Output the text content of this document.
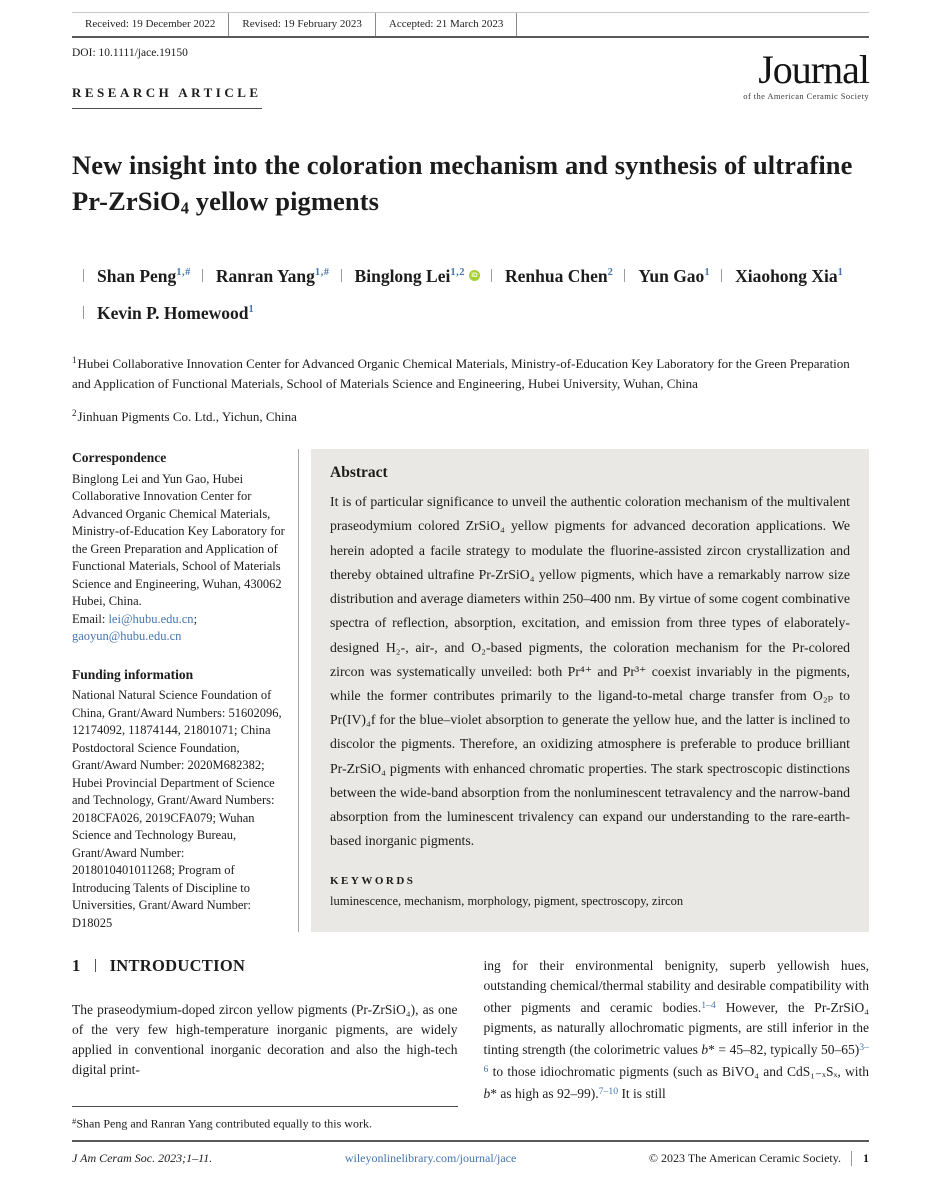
Received: 19 December 2022	Revised: 19 February 2023	Accepted: 21 March 2023
DOI: 10.1111/jace.19150	Journal
of the American Ceramic Society
RESEARCH ARTICLE
New insight into the coloration mechanism and synthesis of ultrafine Pr-ZrSiO4 yellow pigments
Shan Peng$^{1,\#}$ Ranran Yang$^{1,\#}$ Binglong Lei$^{1,2}$ iD Renhua Chen$^2$ Yun Gao$^1$ Xiaohong Xia$^1$Kevin P. Homewood$^1$
$^1$Hubei Collaborative Innovation Center for Advanced Organic Chemical Materials, Ministry-of-Education Key Laboratory for the Green Preparation and Application of Functional Materials, School of Materials Science and Engineering, Hubei University, Wuhan, China
$^2$Jinhuan Pigments Co. Ltd., Yichun, China
Correspondence
Binglong Lei and Yun Gao, Hubei Collaborative Innovation Center for Advanced Organic Chemical Materials, Ministry-of-Education Key Laboratory for the Green Preparation and Application of Functional Materials, School of Materials Science and Engineering, Wuhan, 430062 Hubei, China.
Email: lei@hubu.edu.cn; gaoyun@hubu.edu.cn
Funding information
National Natural Science Foundation of China, Grant/Award Numbers: 51602096, 12174092, 11874144, 21801071; China Postdoctoral Science Foundation, Grant/Award Number: 2020M682382; Hubei Provincial Department of Science and Technology, Grant/Award Numbers: 2018CFA026, 2019CFA079; Wuhan Science and Technology Bureau, Grant/Award Number: 2018010401011268; Program of Introducing Talents of Discipline to Universities, Grant/Award Number: D18025
Abstract
It is of particular significance to unveil the authentic coloration mechanism of the multivalent praseodymium colored ZrSiO₄ yellow pigments for advanced decoration applications. We herein adopted a facile strategy to modulate the fluorine-assisted zircon crystallization and thereby obtained ultrafine Pr-ZrSiO₄ yellow pigments, which have a remarkably narrow size distribution and average diameters within 250–400 nm. By virtue of some cogent combinative spectra of reflection, absorption, excitation, and emission from three types of elaborately-designed H₂-, air-, and O₂-based pigments, the coloration mechanism for the Pr-colored zircon was systematically unveiled: both Pr⁴⁺ and Pr³⁺ coexist invariably in the pigments, while the former contributes primarily to the ligand-to-metal charge transfer from O₂ₚ to Pr(IV)₄f for the blue–violet absorption to generate the yellow hue, and the latter is inclined to discolor the pigments. Therefore, an oxidizing atmosphere is preferable to produce brilliant Pr-ZrSiO₄ pigments with enhanced chromatic properties. The stark spectroscopic distinctions between the wide-band absorption from the nonluminescent tetravalency and the narrow-band absorption from the luminescent trivalency can expand our understanding to the rare-earth-based inorganic pigments.
KEYWORDS
luminescence, mechanism, morphology, pigment, spectroscopy, zircon
1 INTRODUCTION
The praseodymium-doped zircon yellow pigments (Pr-ZrSiO₄), as one of the very few high-temperature inorganic pigments, are widely applied in conventional inorganic decoration and also the high-tech digital print-
#Shan Peng and Ranran Yang contributed equally to this work.
ing for their environmental benignity, superb yellowish hues, outstanding chemical/thermal stability and desirable compatibility with other pigments and ceramic bodies.$^{1-4}$ However, the Pr-ZrSiO₄ pigments, as naturally allochromatic pigments, are still inferior in the tinting strength (the colorimetric values b* = 45–82, typically 50–65)$^{3-6}$ to those idiochromatic pigments (such as BiVO₄ and CdS₁₋ₓSₓ, with b* as high as 92–99).$^{7-10}$ It is still
J Am Ceram Soc. 2023;1–11.	wileyonlinelibrary.com/journal/jace	© 2023 The American Ceramic Society.	1
